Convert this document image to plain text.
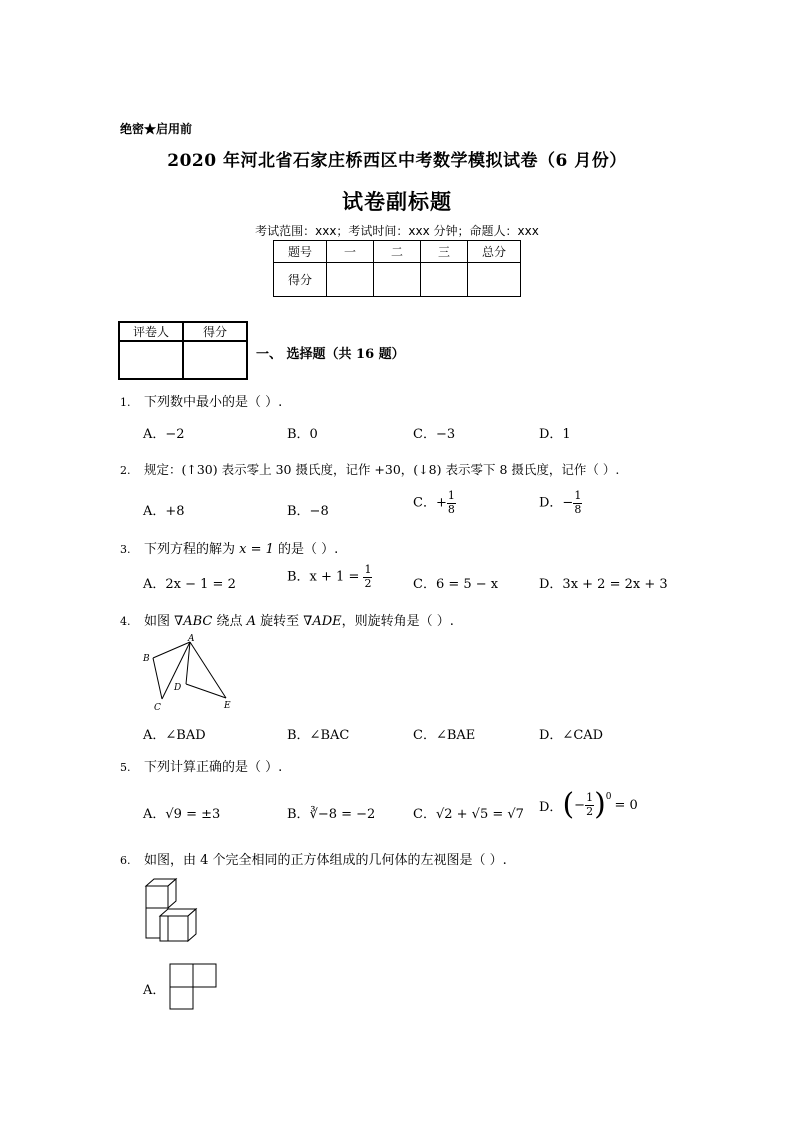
绝密★启用前
2020 年河北省石家庄桥西区中考数学模拟试卷（6 月份）
试卷副标题
考试范围：xxx；考试时间：xxx 分钟；命题人：xxx
题号	一	二	三	总分
得分				
评卷人	得分

一、 选择题（共 16 题）
1. 下列数中最小的是（ ）.
A．−2	B．0	C．−3	D．1
2. 规定：(↑30) 表示零上 30 摄氏度，记作 +30，(↓8) 表示零下 8 摄氏度，记作（ ）.
A．+8	B．−8
C．+ $\frac{1}{8}$	D．− $\frac{1}{8}$
3. 下列方程的解为 x = 1 的是（ ）.
A．2x − 1 = 2	B．$x + 1 = \frac{1}{2}$	C．6 = 5 − x	D．3x + 2 = 2x + 3
4. 如图 ∇ABC 绕点 A 旋转至 ∇ADE，则旋转角是（ ）.
A
B
C
D
E
A．∠BAD	B．∠BAC	C．∠BAE	D．∠CAD
5. 下列计算正确的是（ ）.
A．√9 = ±3	B．∛−8 = −2	C．√2 + √5 = √7 D． ( − $\frac{1}{2} )^0$
= 0
6. 如图，由 4 个完全相同的正方体组成的几何体的左视图是（ ）.
A．
